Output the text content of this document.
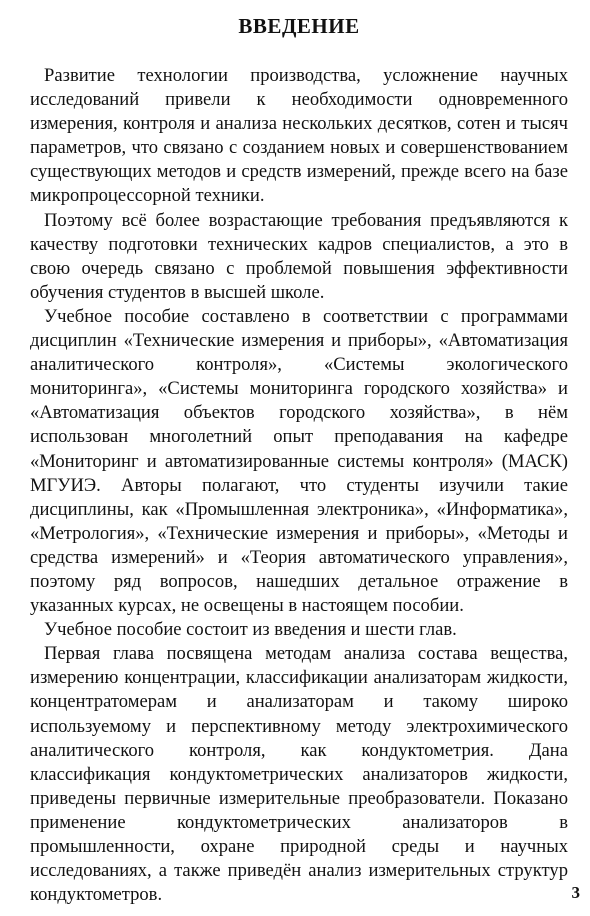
ВВЕДЕНИЕ

Развитие технологии производства, усложнение научных исследований привели к необходимости одновременного измерения, контроля и анализа нескольких десятков, сотен и тысяч параметров, что связано с созданием новых и совершенствованием существующих методов и средств измерений, прежде всего на базе микропроцессорной техники.

Поэтому всё более возрастающие требования предъявляются к качеству подготовки технических кадров специалистов, а это в свою очередь связано с проблемой повышения эффективности обучения студентов в высшей школе.

Учебное пособие составлено в соответствии с программами дисциплин «Технические измерения и приборы», «Автоматизация аналитического контроля», «Системы экологического мониторинга», «Системы мониторинга городского хозяйства» и «Автоматизация объектов городского хозяйства», в нём использован многолетний опыт преподавания на кафедре «Мониторинг и автоматизированные системы контроля» (МАСК) МГУИЭ. Авторы полагают, что студенты изучили такие дисциплины, как «Промышленная электроника», «Информатика», «Метрология», «Технические измерения и приборы», «Методы и средства измерений» и «Теория автоматического управления», поэтому ряд вопросов, нашедших детальное отражение в указанных курсах, не освещены в настоящем пособии.

Учебное пособие состоит из введения и шести глав.

Первая глава посвящена методам анализа состава вещества, измерению концентрации, классификации анализаторам жидкости, концентратомерам и анализаторам и такому широко используемому и перспективному методу электрохимического аналитического контроля, как кондуктометрия. Дана классификация кондуктометрических анализаторов жидкости, приведены первичные измерительные преобразователи. Показано применение кондуктометрических анализаторов в промышленности, охране природной среды и научных исследованиях, а также приведён анализ измерительных структур кондуктометров.	3
